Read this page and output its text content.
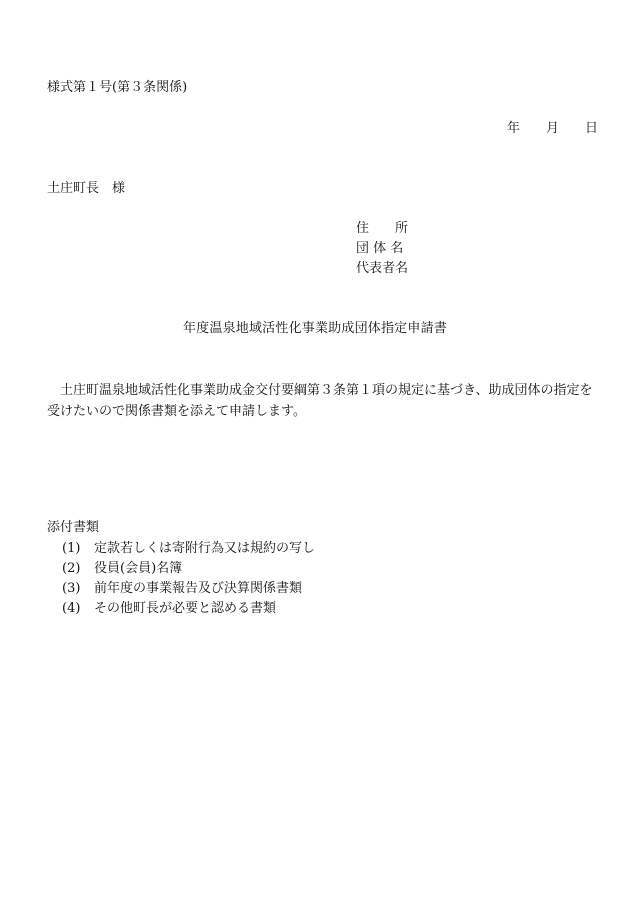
様式第１号(第３条関係)
年 月 日
土庄町長 様
住　　所
団 体 名
代表者名
年度温泉地域活性化事業助成団体指定申請書
土庄町温泉地域活性化事業助成金交付要綱第３条第１項の規定に基づき、助成団体の指定を受けたいので関係書類を添えて申請します。
添付書類
(1)	定款若しくは寄附行為又は規約の写し
(2)	役員(会員)名簿
(3)	前年度の事業報告及び決算関係書類
(4)	その他町長が必要と認める書類
